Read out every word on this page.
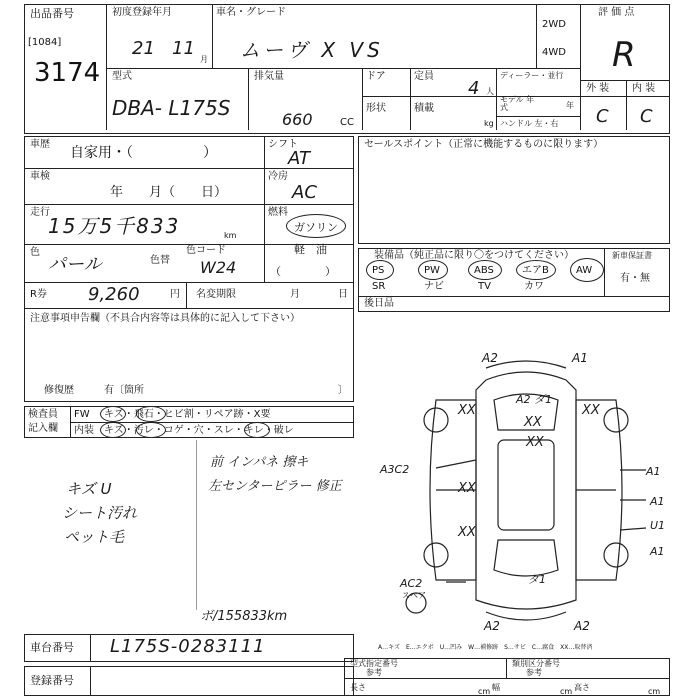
出品番号
[1084]
3174
初度登録年月
21 11
月
車名・グレード
ムーヴ X VS
2WD
4WD
評 価 点
R
型式
DBA- L175S
排気量
660	CC
ドア	定員
4 人
形状	積載
kg
ディーラー・並行
モデル 年式	年
ハンドル 左・右
外 装 内 装
C C
車歴
自家用・（　　　　　）
シフト
AT
車検
年　　月（　　日）
冷房
AC
走行
15万5千833	km
燃料
ガソリン
軽　油
（　　　　）
色
パール	色替
色コード
W24
R券 9,260	円 名変期限	月	日
注意事項申告欄（不具合内容等は具体的に記入して下さい）
修復歴	有〔箇所	〕
セールスポイント（正常に機能するものに限ります）
装備品（純正品に限り〇をつけてください）
PS	PW	ABS	エアB	AW
SR	ナビ	TV	カワ
新車保証書
有・無
後日品
検査員
記入欄
FW キズ・飛石・ヒビ割・リペア跡・X要
内装 キズ・汚レ・コゲ・穴・スレ・キレ・破レ
キズ U
シート汚れ
ペット毛
前 インパネ 擦キ
左センターピラー 修正
ボ/155833km
A2	A1
A2 ダ1
XX	XX
XX
XX
A3C2	A1
XX
XX
A1
U1
A1
スペア
AC2	ダ1
A2	A2
A…キズ　E…エクボ　U…凹み　W…補修跡　S…サビ　C…腐食　XX…取替済
車台番号 L175S-0283111
登録番号
型式指定番号
参考
類別区分番号
参考
長さ	cm 幅	cm 高さ	cm
